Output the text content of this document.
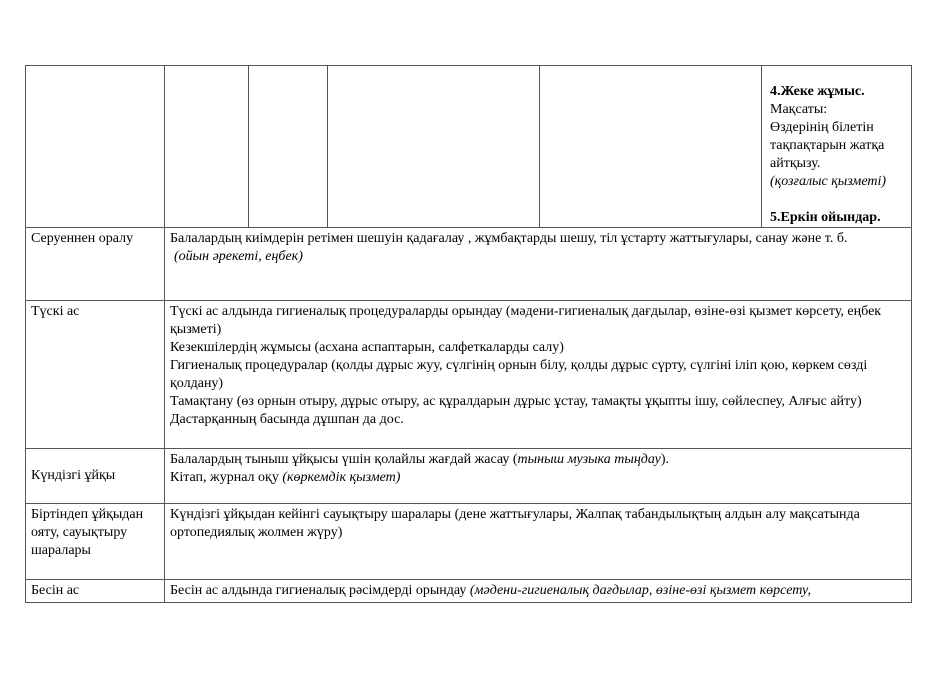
					4.Жеке жұмыс.
Мақсаты:
Өздерінің білетін тақпақтарын жатқа айтқызу.
(қозғалыс қызметі)
5.Еркін ойындар.

Серуеннен оралу	Балалардың киімдерін ретімен шешуін қадағалау , жұмбақтарды шешу, тіл ұстарту жаттығулары, санау және т. б.
(ойын әрекеті, еңбек)				

Түскі ас	Түскі ас алдында гигиеналық процедураларды орындау (мәдени-гигиеналық дағдылар, өзіне-өзі қызмет көрсету, еңбек қызметі)
Кезекшілердің жұмысы (асхана аспаптарын, салфеткаларды салу)
Гигиеналық процедуралар (қолды дұрыс жуу, сүлгінің орнын білу, қолды дұрыс сүрту, сүлгіні іліп қою, көркем сөзді қолдану)
Тамақтану (өз орнын отыру, дұрыс отыру, ас құралдарын дұрыс ұстау, тамақты ұқыпты ішу, сөйлеспеу, Алғыс айту)
Дастарқанның басында дұшпан да дос.				

Күндізгі ұйқы	Балалардың тыныш ұйқысы үшін қолайлы жағдай жасау (тыныш музыка тыңдау).
Кітап, журнал оқу (көркемдік қызмет)				

Біртіндеп ұйқыдан ояту, сауықтыру шаралары	Күндізгі ұйқыдан кейінгі сауықтыру шаралары (дене жаттығулары, Жалпақ табандылықтың алдын алу мақсатында ортопедиялық жолмен жүру)				
Бесін ас	Бесін ас алдында гигиеналық рәсімдерді орындау (мәдени-гигиеналық дағдылар, өзіне-өзі қызмет көрсету,				
